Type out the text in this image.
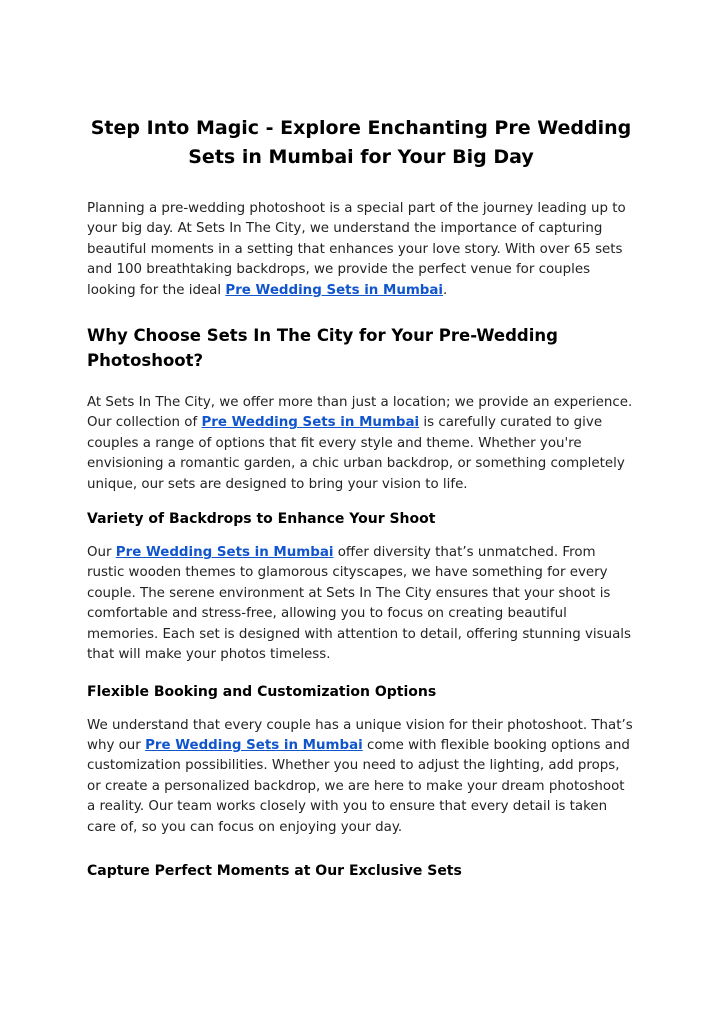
Step Into Magic - Explore Enchanting Pre Wedding Sets in Mumbai for Your Big Day

Planning a pre-wedding photoshoot is a special part of the journey leading up to your big day. At Sets In The City, we understand the importance of capturing beautiful moments in a setting that enhances your love story. With over 65 sets and 100 breathtaking backdrops, we provide the perfect venue for couples looking for the ideal Pre Wedding Sets in Mumbai.

Why Choose Sets In The City for Your Pre-Wedding Photoshoot?

At Sets In The City, we offer more than just a location; we provide an experience. Our collection of Pre Wedding Sets in Mumbai is carefully curated to give couples a range of options that fit every style and theme. Whether you're envisioning a romantic garden, a chic urban backdrop, or something completely unique, our sets are designed to bring your vision to life.

Variety of Backdrops to Enhance Your Shoot

Our Pre Wedding Sets in Mumbai offer diversity that’s unmatched. From rustic wooden themes to glamorous cityscapes, we have something for every couple. The serene environment at Sets In The City ensures that your shoot is comfortable and stress-free, allowing you to focus on creating beautiful memories. Each set is designed with attention to detail, offering stunning visuals that will make your photos timeless.

Flexible Booking and Customization Options

We understand that every couple has a unique vision for their photoshoot. That’s why our Pre Wedding Sets in Mumbai come with flexible booking options and customization possibilities. Whether you need to adjust the lighting, add props, or create a personalized backdrop, we are here to make your dream photoshoot a reality. Our team works closely with you to ensure that every detail is taken care of, so you can focus on enjoying your day.

Capture Perfect Moments at Our Exclusive Sets
